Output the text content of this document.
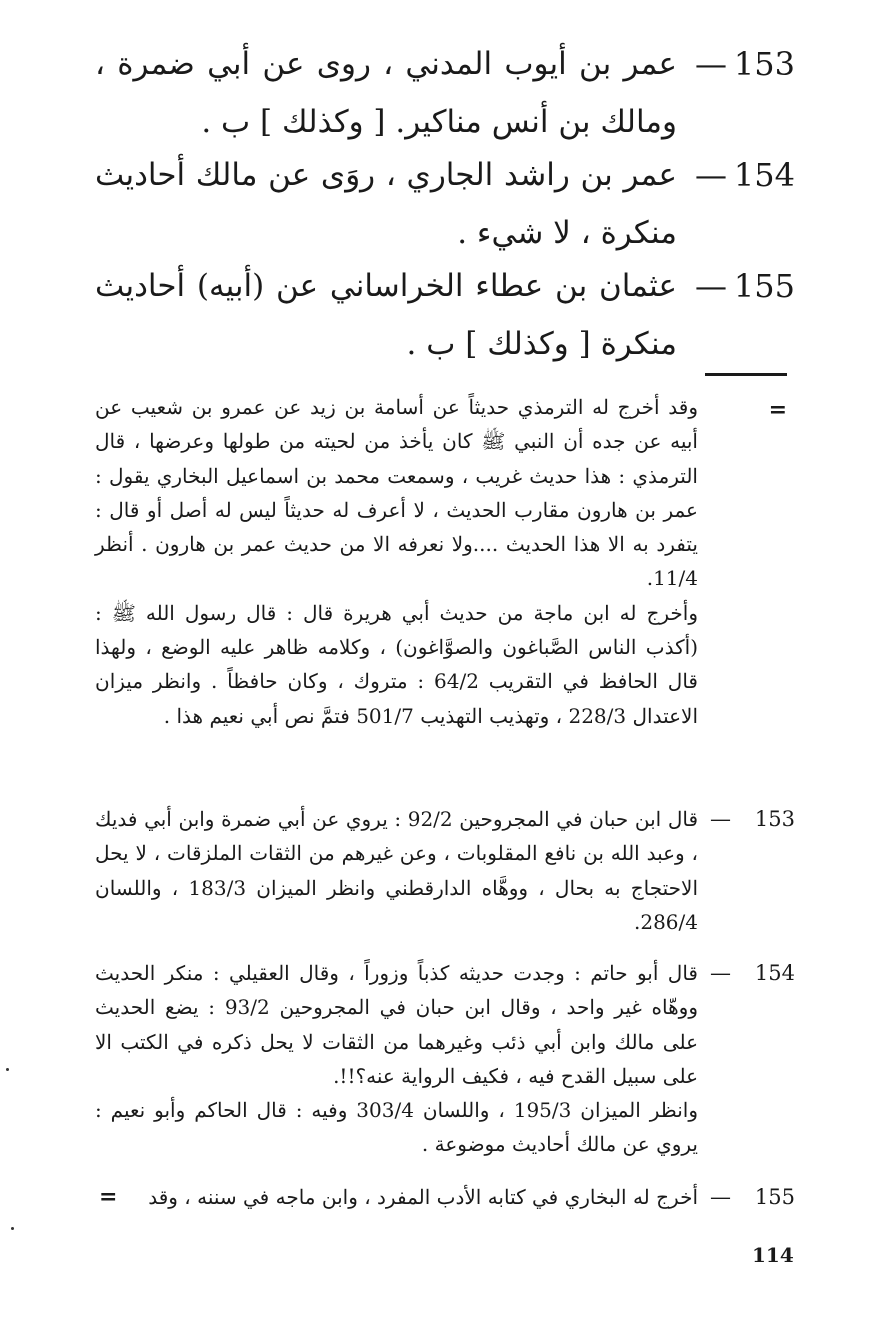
153
—
عمر بن أيوب المدني ، روى عن أبي ضمرة ، ومالك بن أنس مناكير. [ وكذلك ] ب .
154
—
عمر بن راشد الجاري ، روَى عن مالك أحاديث منكرة ، لا شيء .
155
—
عثمان بن عطاء الخراساني عن (أبيه) أحاديث منكرة [ وكذلك ] ب .
=

وقد أخرج له الترمذي حديثاً عن أسامة بن زيد عن عمرو بن شعيب عن أبيه عن جده أن النبي ﷺ كان يأخذ من لحيته من طولها وعرضها ، قال الترمذي : هذا حديث غريب ، وسمعت محمد بن اسماعيل البخاري يقول : عمر بن هارون مقارب الحديث ، لا أعرف له حديثاً ليس له أصل أو قال : يتفرد به الا هذا الحديث ....ولا نعرفه الا من حديث عمر بن هارون . أنظر 11/4.

وأخرج له ابن ماجة من حديث أبي هريرة قال : قال رسول الله ﷺ : (أكذب الناس الصَّباغون والصوَّاغون) ، وكلامه ظاهر عليه الوضع ، ولهذا قال الحافظ في التقريب 64/2 : متروك ، وكان حافظاً . وانظر ميزان الاعتدال 228/3 ، وتهذيب التهذيب 501/7 فتمَّ نص أبي نعيم هذا .

153
—

قال ابن حبان في المجروحين 92/2 : يروي عن أبي ضمرة وابن أبي فديك ، وعبد الله بن نافع المقلوبات ، وعن غيرهم من الثقات الملزقات ، لا يحل الاحتجاج به بحال ، ووهَّاه الدارقطني وانظر الميزان 183/3 ، واللسان 286/4.

154
—

قال أبو حاتم : وجدت حديثه كذباً وزوراً ، وقال العقيلي : منكر الحديث ووهّاه غير واحد ، وقال ابن حبان في المجروحين 93/2 : يضع الحديث على مالك وابن أبي ذئب وغيرهما من الثقات لا يحل ذكره في الكتب الا على سبيل القدح فيه ، فكيف الرواية عنه؟!!.

وانظر الميزان 195/3 ، واللسان 303/4 وفيه : قال الحاكم وأبو نعيم : يروي عن مالك أحاديث موضوعة .

155
—

أخرج له البخاري في كتابه الأدب المفرد ، وابن ماجه في سننه ، وقد

=
114
